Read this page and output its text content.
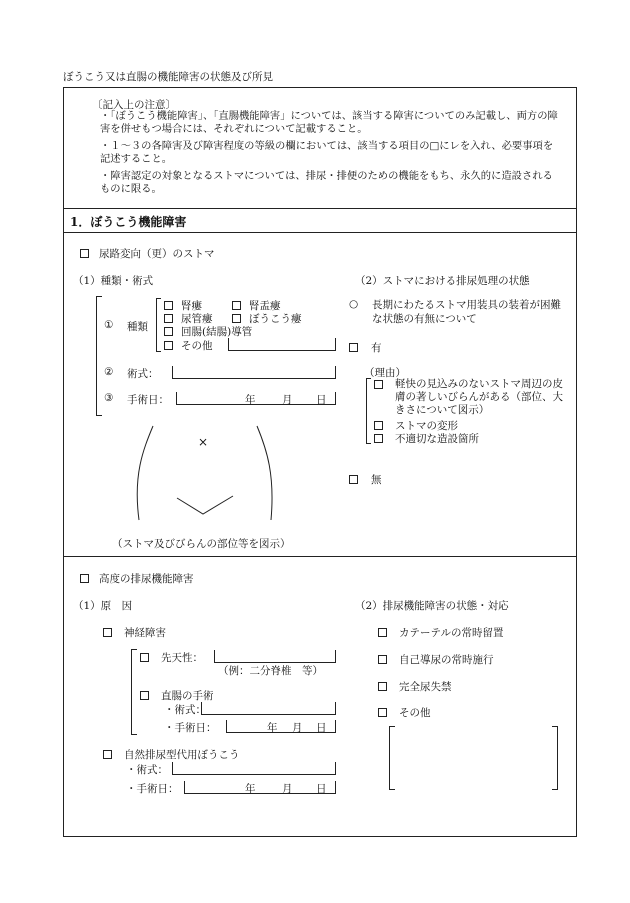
ぼうこう又は直腸の機能障害の状態及び所見
〔記入上の注意〕
・「ぼうこう機能障害」、「直腸機能障害」については、該当する障害についてのみ記載し、両方の障害を併せもつ場合には、それぞれについて記載すること。
・１～３の各障害及び障害程度の等級の欄においては、該当する項目の□にレを入れ、必要事項を記述すること。
・障害認定の対象となるストマについては、排尿・排便のための機能をもち、永久的に造設されるものに限る。
1．ぼうこう機能障害
尿路変向（更）のストマ
（1）種類・術式
① 種類
腎瘻	腎盂瘻
尿管瘻	ぼうこう瘻
回腸(結腸)導管
その他
② 術式：
③ 手術日：	年	月 日
×
（ストマ及びびらんの部位等を図示）
（2）ストマにおける排尿処理の状態
○ 長期にわたるストマ用装具の装着が困難な状態の有無について
有
（理由）
軽快の見込みのないストマ周辺の皮膚の著しいびらんがある（部位、大きさについて図示）
ストマの変形
不適切な造設箇所
無
高度の排尿機能障害
（1）原　因
神経障害
先天性：
（例：二分脊椎　等）
直腸の手術
・術式：
・手術日：	年 月 日
自然排尿型代用ぼうこう
・術式：
・手術日：	年	月 日
（2）排尿機能障害の状態・対応
カテーテルの常時留置
自己導尿の常時施行
完全尿失禁
その他
